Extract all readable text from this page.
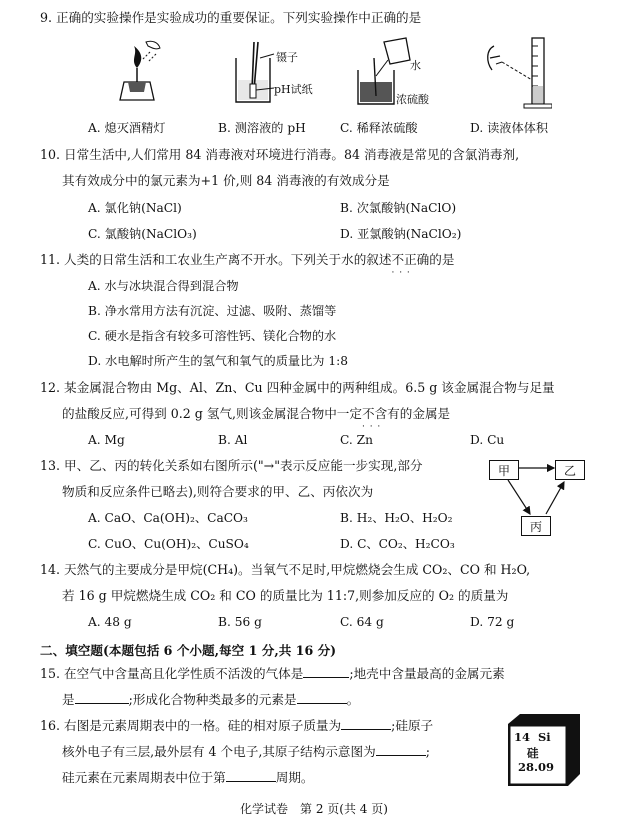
9. 正确的实验操作是实验成功的重要保证。下列实验操作中正确的是
镊子
pH试纸
水
浓硫酸
A. 熄灭酒精灯	B. 测溶液的 pH	C. 稀释浓硫酸	D. 读液体体积
10. 日常生活中,人们常用 84 消毒液对环境进行消毒。84 消毒液是常见的含氯消毒剂,
其有效成分中的氯元素为+1 价,则 84 消毒液的有效成分是
A. 氯化钠(NaCl)	B. 次氯酸钠(NaClO)
C. 氯酸钠(NaClO₃)	D. 亚氯酸钠(NaClO₂)
11. 人类的日常生活和工农业生产离不开水。下列关于水的叙述不正确 · · ·的是
A. 水与冰块混合得到混合物
B. 净水常用方法有沉淀、过滤、吸附、蒸馏等
C. 硬水是指含有较多可溶性钙、镁化合物的水
D. 水电解时所产生的氢气和氧气的质量比为 1:8
12. 某金属混合物由 Mg、Al、Zn、Cu 四种金属中的两种组成。6.5 g 该金属混合物与足量
的盐酸反应,可得到 0.2 g 氢气,则该金属混合物中一定不含有 · · ·的金属是
A. Mg	B. Al	C. Zn	D. Cu
13. 甲、乙、丙的转化关系如右图所示("→"表示反应能一步实现,部分
物质和反应条件已略去),则符合要求的甲、乙、丙依次为
A. CaO、Ca(OH)₂、CaCO₃	B. H₂、H₂O、H₂O₂
C. CuO、Cu(OH)₂、CuSO₄	D. C、CO₂、H₂CO₃
甲	乙
丙
14. 天然气的主要成分是甲烷(CH₄)。当氧气不足时,甲烷燃烧会生成 CO₂、CO 和 H₂O,
若 16 g 甲烷燃烧生成 CO₂ 和 CO 的质量比为 11:7,则参加反应的 O₂ 的质量为
A. 48 g	B. 56 g	C. 64 g	D. 72 g
二、填空题(本题包括 6 个小题,每空 1 分,共 16 分)
15. 在空气中含量高且化学性质不活泼的气体是	;地壳中含量最高的金属元素
是	;形成化合物种类最多的元素是	。
16. 右图是元素周期表中的一格。硅的相对原子质量为	;硅原子
核外电子有三层,最外层有 4 个电子,其原子结构示意图为	;
硅元素在元素周期表中位于第	周期。
14 Si
硅
28.09
化学试卷　第 2 页(共 4 页)
